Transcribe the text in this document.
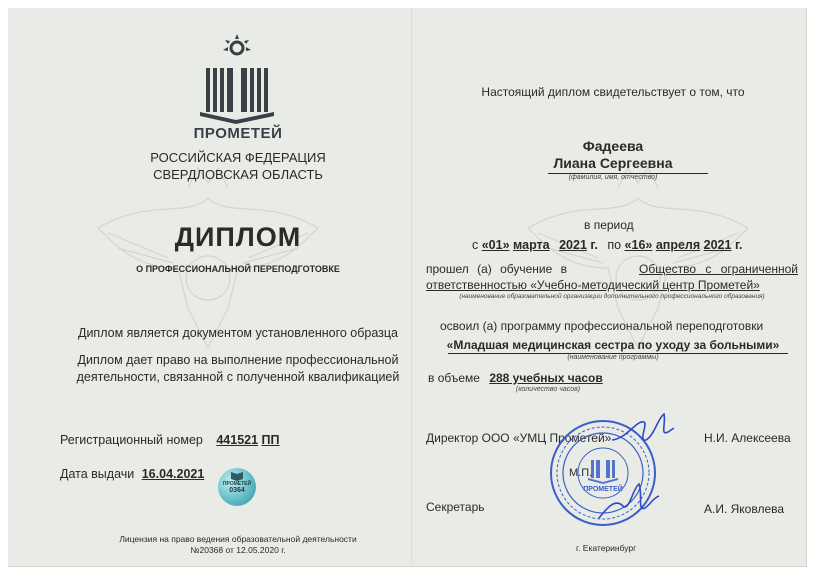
ПРОМЕТЕЙ
РОССИЙСКАЯ ФЕДЕРАЦИЯ
СВЕРДЛОВСКАЯ ОБЛАСТЬ
ДИПЛОМ
О ПРОФЕССИОНАЛЬНОЙ ПЕРЕПОДГОТОВКЕ
Диплом является документом установленного образца
Диплом дает право на выполнение профессиональной
деятельности, связанной с полученной квалификацией
Регистрационный номер 441521 ПП
Дата выдачи 16.04.2021
ПРОМЕТЕЙ
0364
Лицензия на право ведения образовательной деятельности
№20368 от 12.05.2020 г.
Настоящий диплом свидетельствует о том, что
Фадеева
Лиана Сергеевна
(фамилия, имя, отчество)
в период
с «01» марта 2021 г. по «16» апреля 2021 г.
прошел (а) обучение в	Общество с ограниченной
ответственностью «Учебно-методический центр Прометей»
(наименование образовательной организации дополнительного профессионального образования)
освоил (а) программу профессиональной переподготовки
«Младшая медицинская сестра по уходу за больными»
(наименование программы)
в объеме 288 учебных часов
(количество часов)
Директор ООО «УМЦ Прометей»	Н.И. Алексеева
ПРОМЕТЕЙ
М.П.
Секретарь	А.И. Яковлева
г. Екатеринбург
